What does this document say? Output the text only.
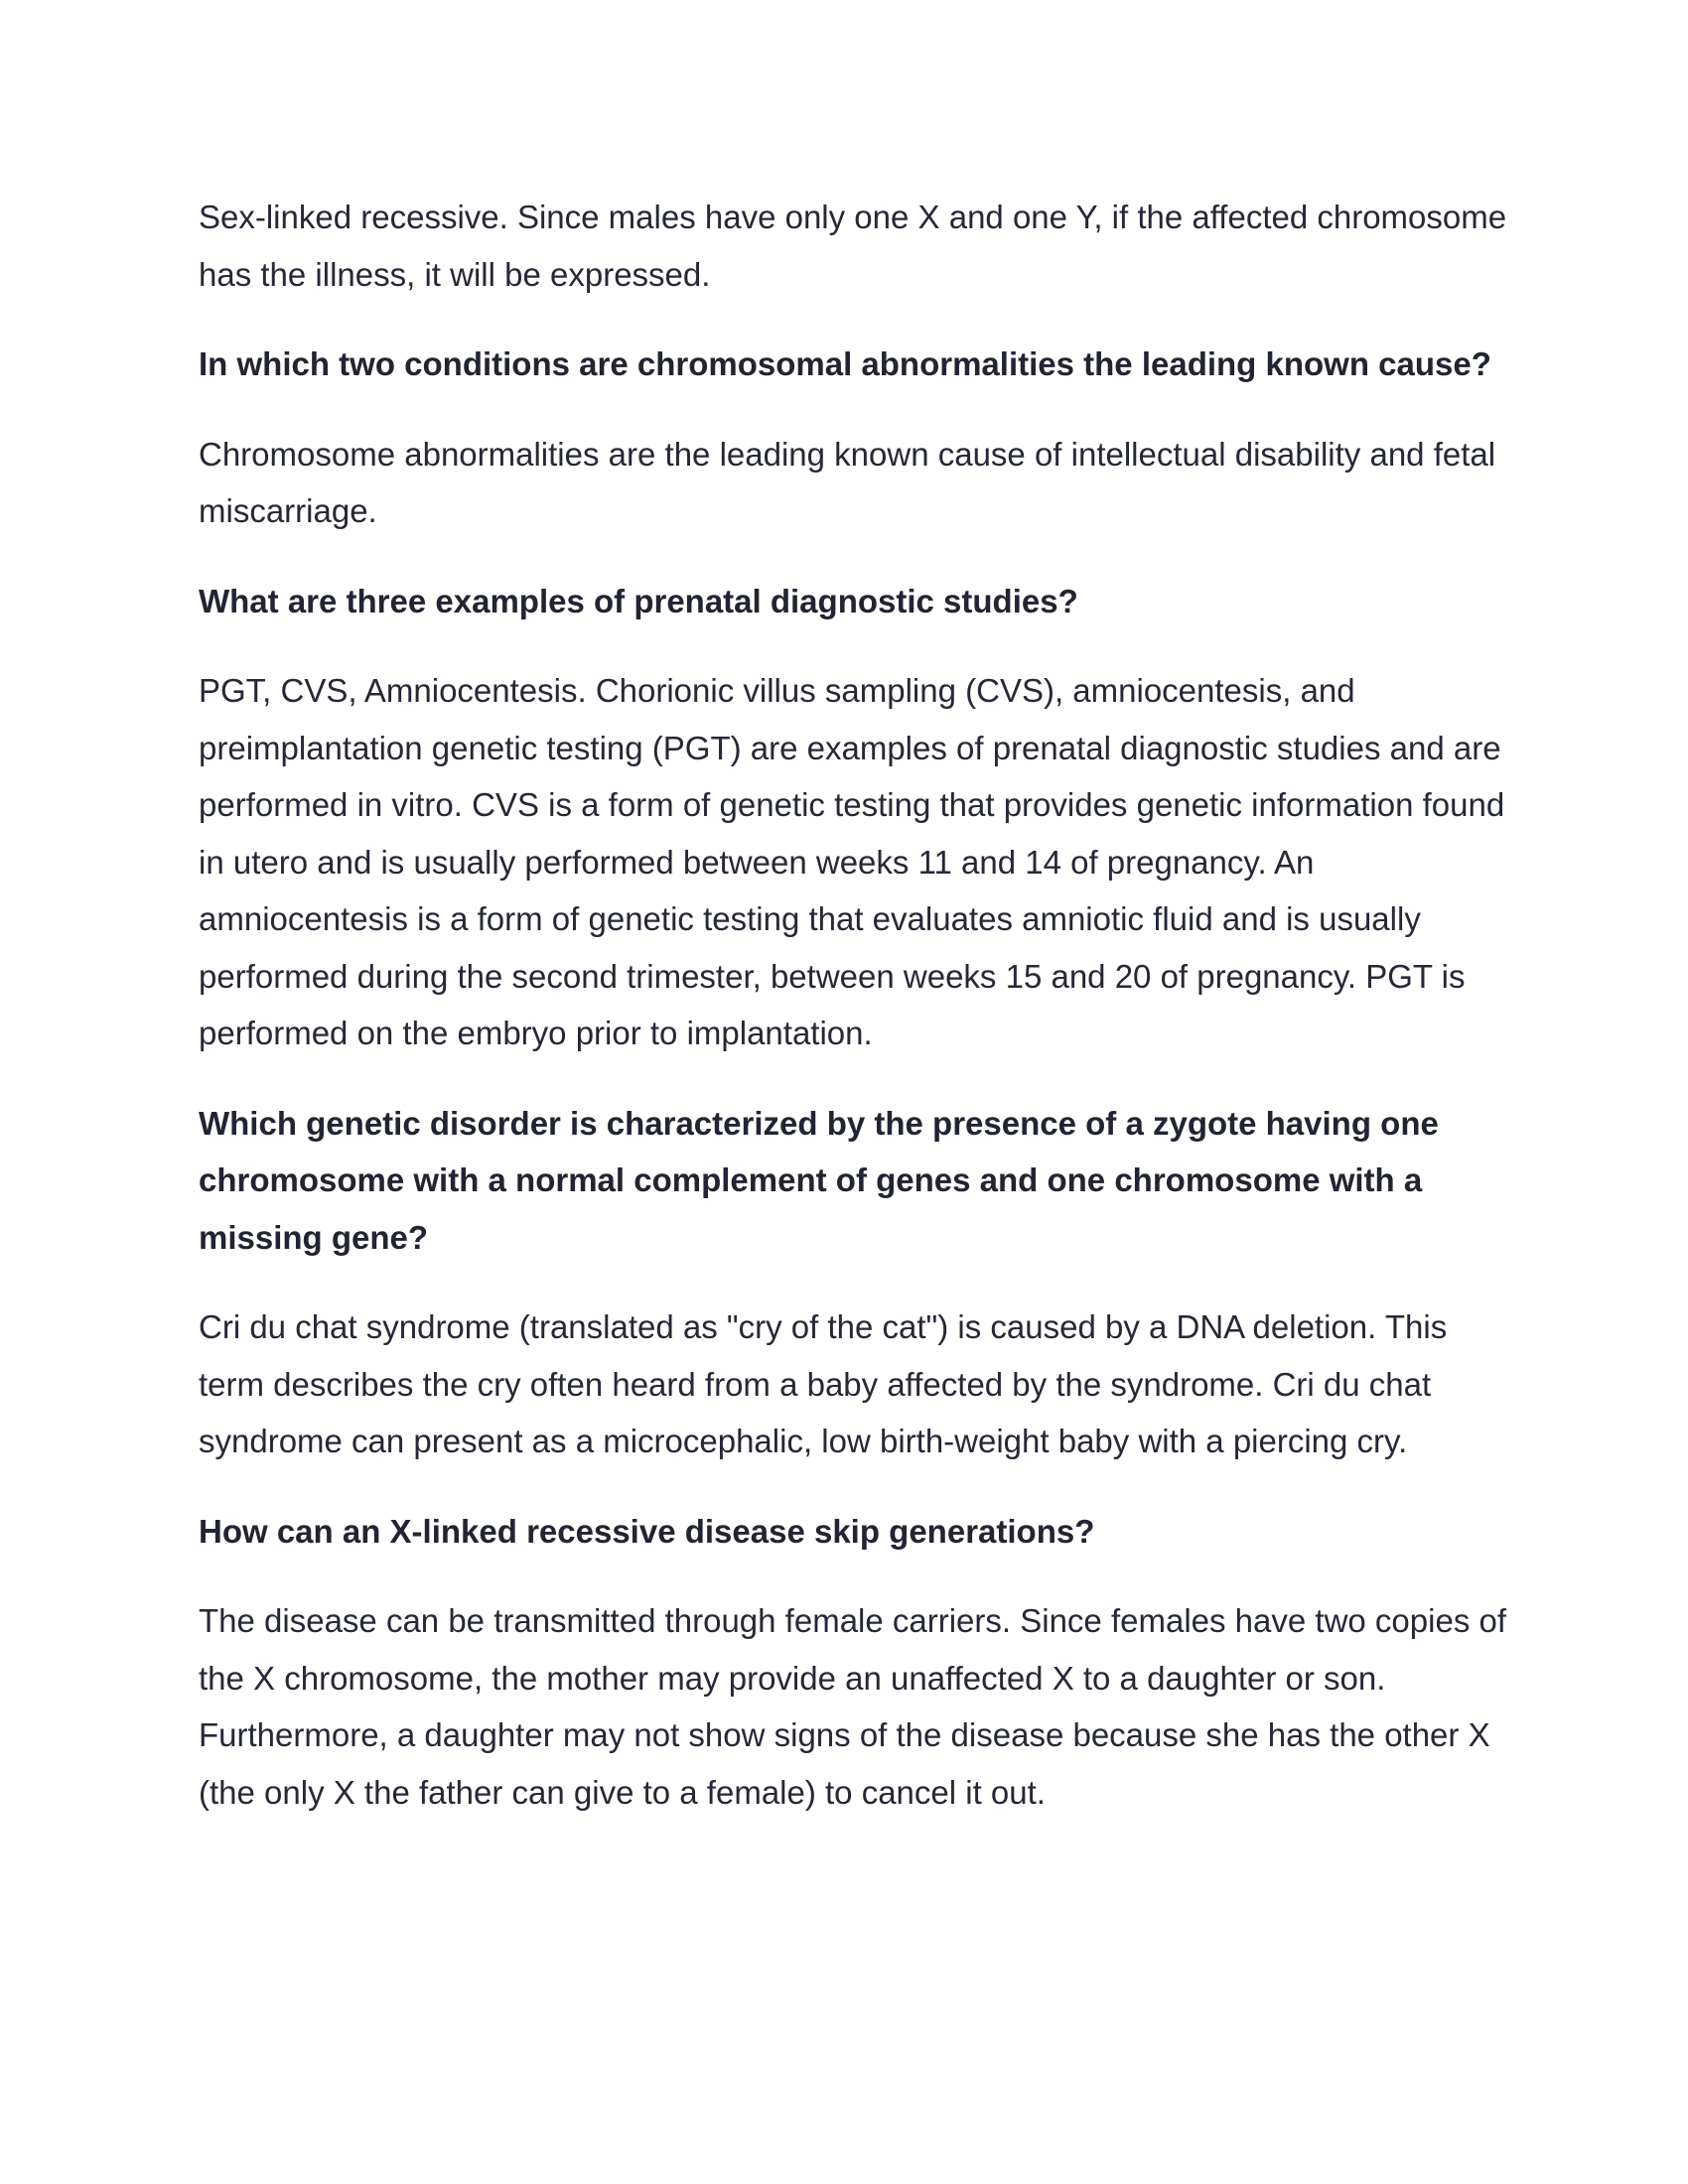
Sex-linked recessive. Since males have only one X and one Y, if the affected chromosome has the illness, it will be expressed.

In which two conditions are chromosomal abnormalities the leading known cause?

Chromosome abnormalities are the leading known cause of intellectual disability and fetal miscarriage.

What are three examples of prenatal diagnostic studies?

PGT, CVS, Amniocentesis. Chorionic villus sampling (CVS), amniocentesis, and preimplantation genetic testing (PGT) are examples of prenatal diagnostic studies and are performed in vitro. CVS is a form of genetic testing that provides genetic information found in utero and is usually performed between weeks 11 and 14 of pregnancy. An amniocentesis is a form of genetic testing that evaluates amniotic fluid and is usually performed during the second trimester, between weeks 15 and 20 of pregnancy. PGT is performed on the embryo prior to implantation.

Which genetic disorder is characterized by the presence of a zygote having one chromosome with a normal complement of genes and one chromosome with a missing gene?

Cri du chat syndrome (translated as "cry of the cat") is caused by a DNA deletion. This term describes the cry often heard from a baby affected by the syndrome. Cri du chat syndrome can present as a microcephalic, low birth-weight baby with a piercing cry.

How can an X-linked recessive disease skip generations?

The disease can be transmitted through female carriers. Since females have two copies of the X chromosome, the mother may provide an unaffected X to a daughter or son. Furthermore, a daughter may not show signs of the disease because she has the other X (the only X the father can give to a female) to cancel it out.
